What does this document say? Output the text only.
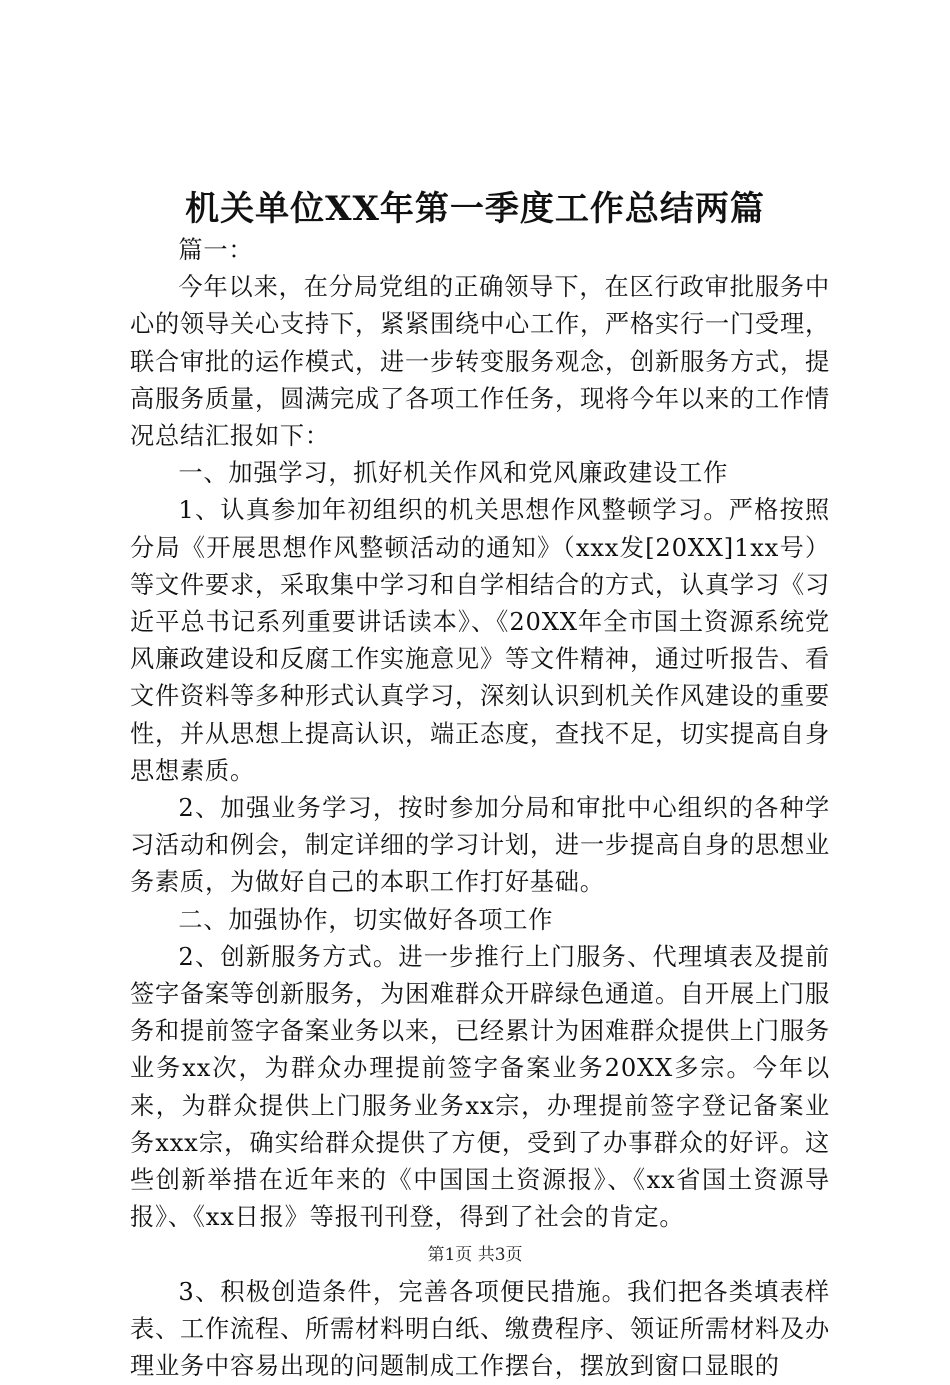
机关单位XX年第一季度工作总结两篇

篇一：

今年以来，在分局党组的正确领导下，在区行政审批服务中心的领导关心支持下，紧紧围绕中心工作，严格实行一门受理，联合审批的运作模式，进一步转变服务观念，创新服务方式，提高服务质量，圆满完成了各项工作任务，现将今年以来的工作情况总结汇报如下：

一、加强学习，抓好机关作风和党风廉政建设工作

1、认真参加年初组织的机关思想作风整顿学习。严格按照分局《开展思想作风整顿活动的通知》（xxx发[20XX]1xx号）等文件要求，采取集中学习和自学相结合的方式，认真学习《习近平总书记系列重要讲话读本》、《20XX年全市国土资源系统党风廉政建设和反腐工作实施意见》等文件精神，通过听报告、看文件资料等多种形式认真学习，深刻认识到机关作风建设的重要性，并从思想上提高认识，端正态度，查找不足，切实提高自身思想素质。

2、加强业务学习，按时参加分局和审批中心组织的各种学习活动和例会，制定详细的学习计划，进一步提高自身的思想业务素质，为做好自己的本职工作打好基础。

二、加强协作，切实做好各项工作

2、创新服务方式。进一步推行上门服务、代理填表及提前签字备案等创新服务，为困难群众开辟绿色通道。自开展上门服务和提前签字备案业务以来，已经累计为困难群众提供上门服务业务xx次，为群众办理提前签字备案业务20XX多宗。今年以来，为群众提供上门服务业务xx宗，办理提前签字登记备案业务xxx宗，确实给群众提供了方便，受到了办事群众的好评。这些创新举措在近年来的《中国国土资源报》、《xx省国土资源导报》、《xx日报》等报刊刊登，得到了社会的肯定。

3、积极创造条件，完善各项便民措施。我们把各类填表样表、工作流程、所需材料明白纸、缴费程序、领证所需材料及办理业务中容易出现的问题制成工作摆台，摆放到窗口显眼的

第1页 共3页
